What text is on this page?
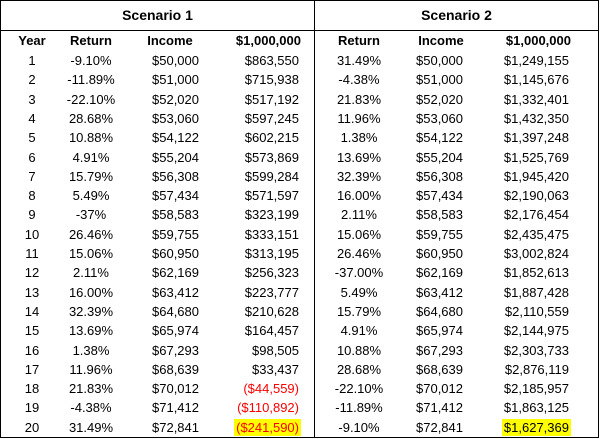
Scenario 1	Scenario 2
Year	Return	Income	$1,000,000	Return	Income	$1,000,000
1	-9.10%	$50,000	$863,550	31.49%	$50,000	$1,249,155
2	-11.89%	$51,000	$715,938	-4.38%	$51,000	$1,145,676
3	-22.10%	$52,020	$517,192	21.83%	$52,020	$1,332,401
4	28.68%	$53,060	$597,245	11.96%	$53,060	$1,432,350
5	10.88%	$54,122	$602,215	1.38%	$54,122	$1,397,248
6	4.91%	$55,204	$573,869	13.69%	$55,204	$1,525,769
7	15.79%	$56,308	$599,284	32.39%	$56,308	$1,945,420
8	5.49%	$57,434	$571,597	16.00%	$57,434	$2,190,063
9	-37%	$58,583	$323,199	2.11%	$58,583	$2,176,454
10	26.46%	$59,755	$333,151	15.06%	$59,755	$2,435,475
11	15.06%	$60,950	$313,195	26.46%	$60,950	$3,002,824
12	2.11%	$62,169	$256,323	-37.00%	$62,169	$1,852,613
13	16.00%	$63,412	$223,777	5.49%	$63,412	$1,887,428
14	32.39%	$64,680	$210,628	15.79%	$64,680	$2,110,559
15	13.69%	$65,974	$164,457	4.91%	$65,974	$2,144,975
16	1.38%	$67,293	$98,505	10.88%	$67,293	$2,303,733
17	11.96%	$68,639	$33,437	28.68%	$68,639	$2,876,119
18	21.83%	$70,012	($44,559)	-22.10%	$70,012	$2,185,957
19	-4.38%	$71,412	($110,892)	-11.89%	$71,412	$1,863,125
20	31.49%	$72,841	($241,590)	-9.10%	$72,841	$1,627,369
